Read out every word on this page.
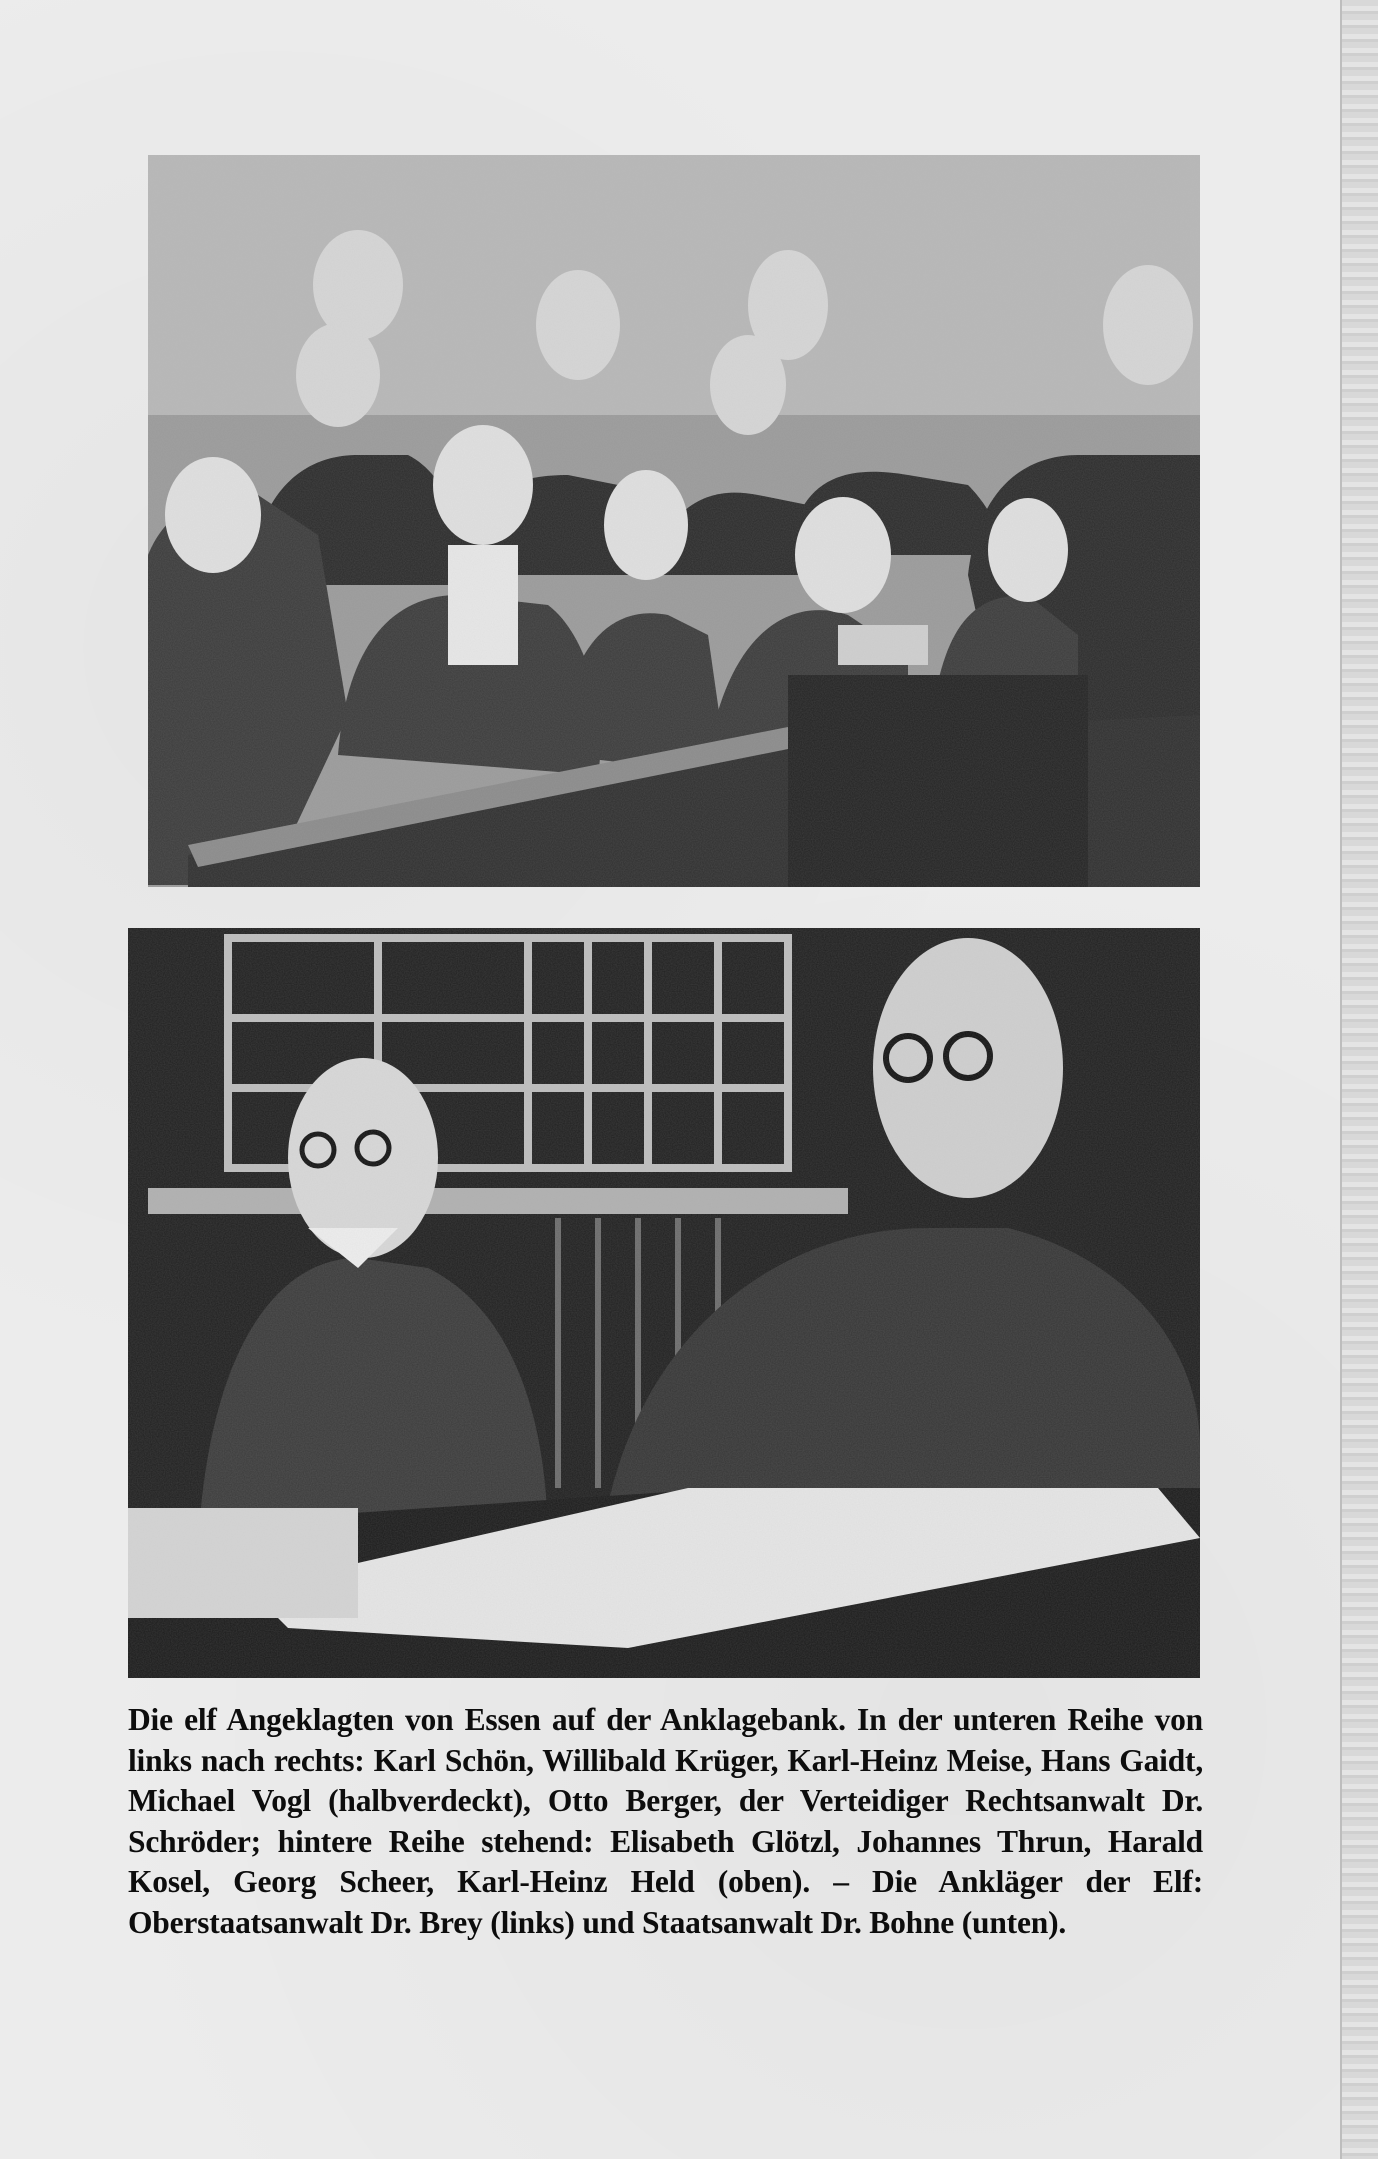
Die elf Angeklagten von Essen auf der Anklagebank. In der unteren Reihe von links nach rechts: Karl Schön, Willibald Krüger, Karl-Heinz Meise, Hans Gaidt, Michael Vogl (halbverdeckt), Otto Berger, der Verteidiger Rechtsanwalt Dr. Schröder; hintere Reihe stehend: Elisabeth Glötzl, Johannes Thrun, Harald Kosel, Georg Scheer, Karl-Heinz Held (oben). – Die Ankläger der Elf: Oberstaatsanwalt Dr. Brey (links) und Staatsanwalt Dr. Bohne (unten).
